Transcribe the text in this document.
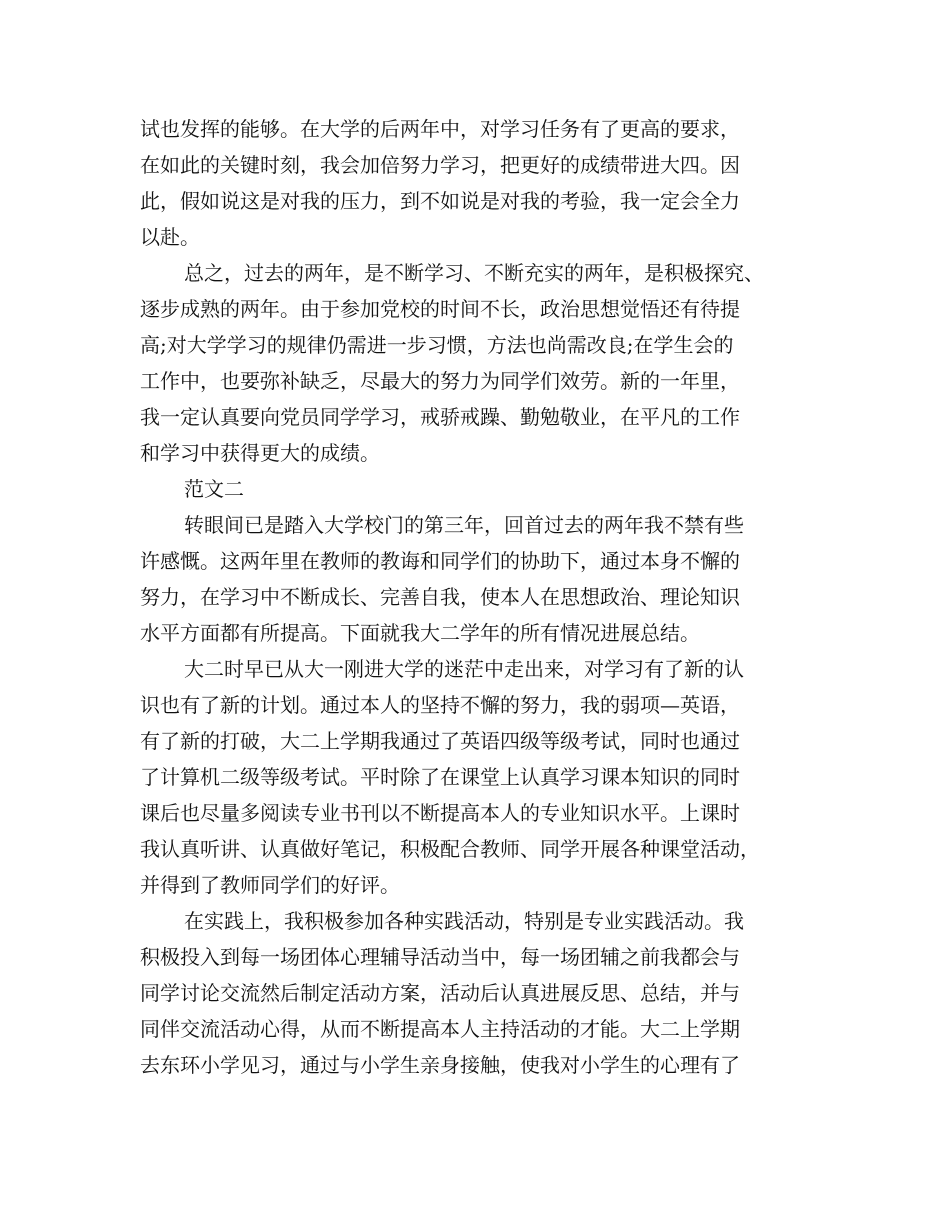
试也发挥的能够。在大学的后两年中，对学习任务有了更高的要求，
在如此的关键时刻，我会加倍努力学习，把更好的成绩带进大四。因
此，假如说这是对我的压力，到不如说是对我的考验，我一定会全力
以赴。
总之，过去的两年，是不断学习、不断充实的两年，是积极探究、
逐步成熟的两年。由于参加党校的时间不长，政治思想觉悟还有待提
高;对大学学习的规律仍需进一步习惯，方法也尚需改良;在学生会的
工作中，也要弥补缺乏，尽最大的努力为同学们效劳。新的一年里，
我一定认真要向党员同学学习，戒骄戒躁、勤勉敬业，在平凡的工作
和学习中获得更大的成绩。
范文二
转眼间已是踏入大学校门的第三年，回首过去的两年我不禁有些
许感慨。这两年里在教师的教诲和同学们的协助下，通过本身不懈的
努力，在学习中不断成长、完善自我，使本人在思想政治、理论知识
水平方面都有所提高。下面就我大二学年的所有情况进展总结。
大二时早已从大一刚进大学的迷茫中走出来，对学习有了新的认
识也有了新的计划。通过本人的坚持不懈的努力，我的弱项—英语，
有了新的打破，大二上学期我通过了英语四级等级考试，同时也通过
了计算机二级等级考试。平时除了在课堂上认真学习课本知识的同时
课后也尽量多阅读专业书刊以不断提高本人的专业知识水平。上课时
我认真听讲、认真做好笔记，积极配合教师、同学开展各种课堂活动，
并得到了教师同学们的好评。
在实践上，我积极参加各种实践活动，特别是专业实践活动。我
积极投入到每一场团体心理辅导活动当中，每一场团辅之前我都会与
同学讨论交流然后制定活动方案，活动后认真进展反思、总结，并与
同伴交流活动心得，从而不断提高本人主持活动的才能。大二上学期
去东环小学见习，通过与小学生亲身接触，使我对小学生的心理有了
